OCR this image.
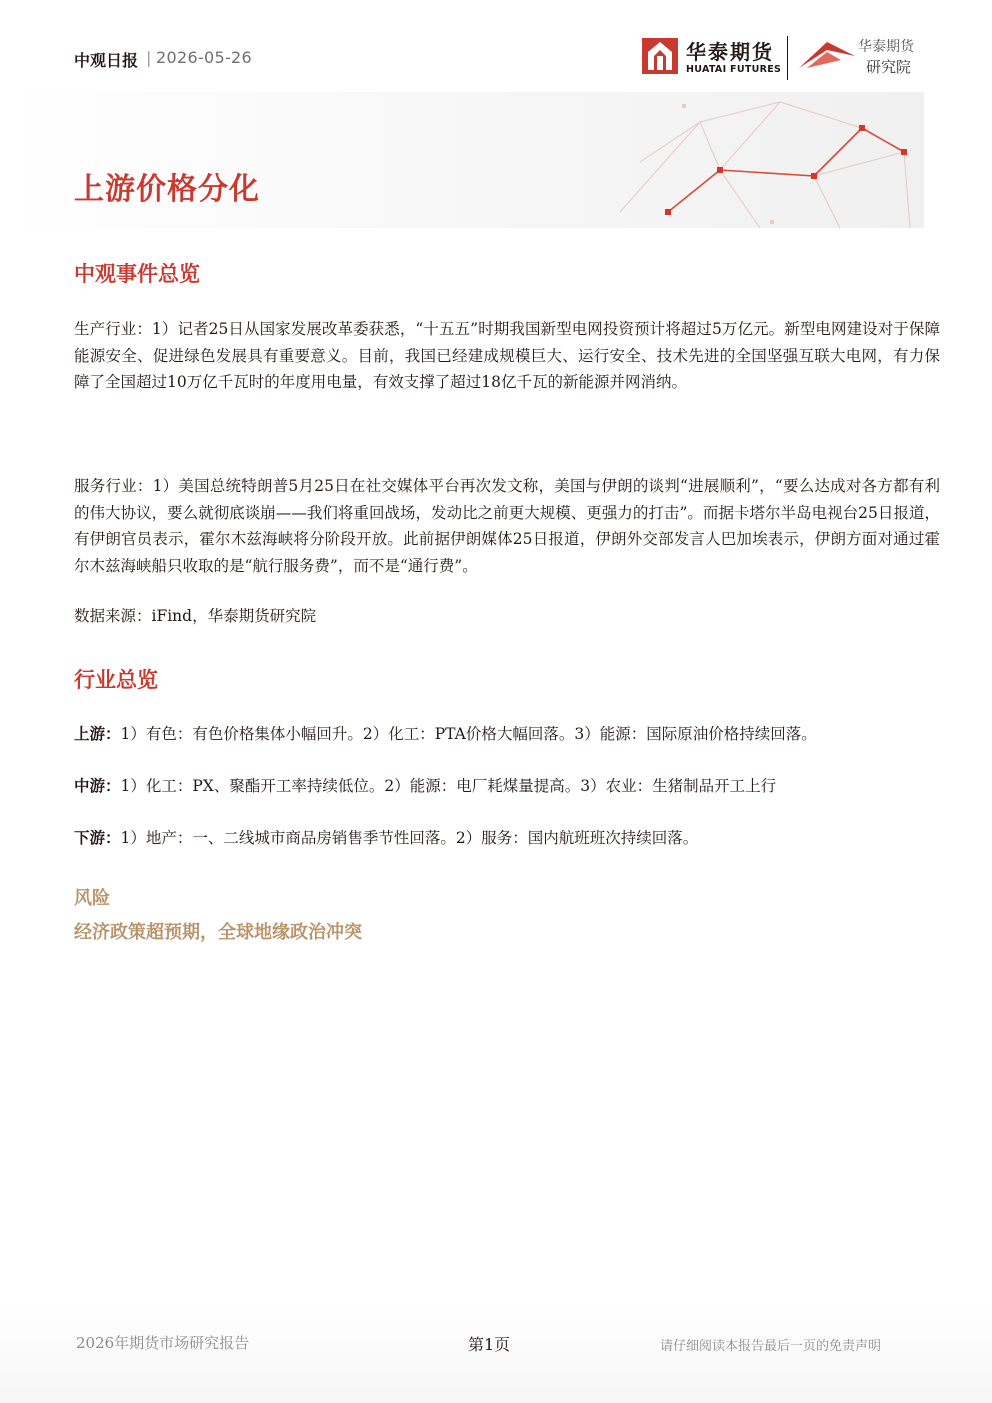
中观日报 | 2026-05-26	华泰期货
HUATAI FUTURES
华泰期货
研究院
上游价格分化
中观事件总览

生产行业：1）记者25日从国家发展改革委获悉，“十五五”时期我国新型电网投资预计将超过5万亿元。新型电网建设对于保障能源安全、促进绿色发展具有重要意义。目前，我国已经建成规模巨大、运行安全、技术先进的全国坚强互联大电网，有力保障了全国超过10万亿千瓦时的年度用电量，有效支撑了超过18亿千瓦的新能源并网消纳。

服务行业：1）美国总统特朗普5月25日在社交媒体平台再次发文称，美国与伊朗的谈判“进展顺利”，“要么达成对各方都有利的伟大协议，要么就彻底谈崩——我们将重回战场，发动比之前更大规模、更强力的打击”。而据卡塔尔半岛电视台25日报道，有伊朗官员表示，霍尔木兹海峡将分阶段开放。此前据伊朗媒体25日报道，伊朗外交部发言人巴加埃表示，伊朗方面对通过霍尔木兹海峡船只收取的是“航行服务费”，而不是“通行费”。

数据来源：iFind，华泰期货研究院
行业总览
上游：1）有色：有色价格集体小幅回升。2）化工：PTA价格大幅回落。3）能源：国际原油价格持续回落。
中游：1）化工：PX、聚酯开工率持续低位。2）能源：电厂耗煤量提高。3）农业：生猪制品开工上行
下游：1）地产：一、二线城市商品房销售季节性回落。2）服务：国内航班班次持续回落。
风险
经济政策超预期，全球地缘政治冲突
2026年期货市场研究报告	第1页	请仔细阅读本报告最后一页的免责声明
